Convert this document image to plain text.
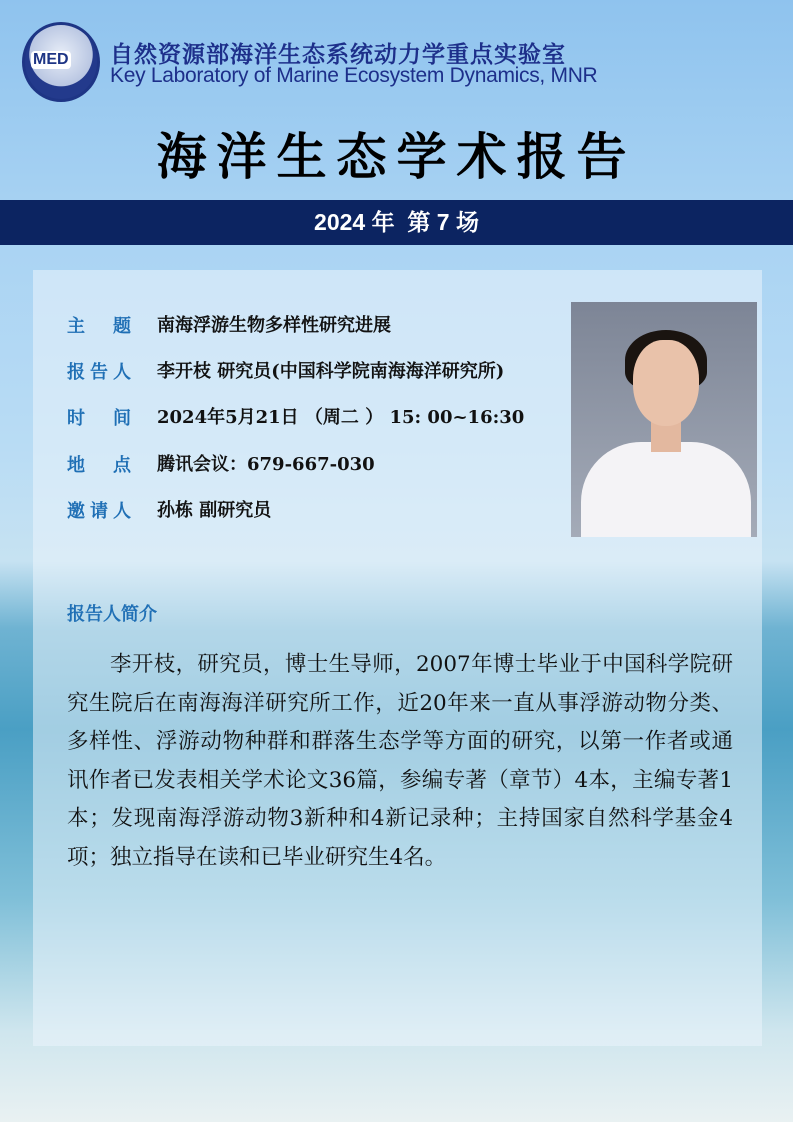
MED 自然资源部海洋生态系统动力学重点实验室
Key Laboratory of Marine Ecosystem Dynamics, MNR
海洋生态学术报告
2024 年  第 7 场
主题 南海浮游生物多样性研究进展
报告人 李开枝 研究员(中国科学院南海海洋研究所)
时间 2024年5月21日 （周二 ） 15: 00~16:30
地点 腾讯会议：679-667-030
邀请人 孙栋 副研究员
报告人简介
李开枝，研究员，博士生导师，2007年博士毕业于中国科学院研究生院后在南海海洋研究所工作，近20年来一直从事浮游动物分类、多样性、浮游动物种群和群落生态学等方面的研究，以第一作者或通讯作者已发表相关学术论文36篇，参编专著（章节）4本，主编专著1本；发现南海浮游动物3新种和4新记录种；主持国家自然科学基金4项；独立指导在读和已毕业研究生4名。
